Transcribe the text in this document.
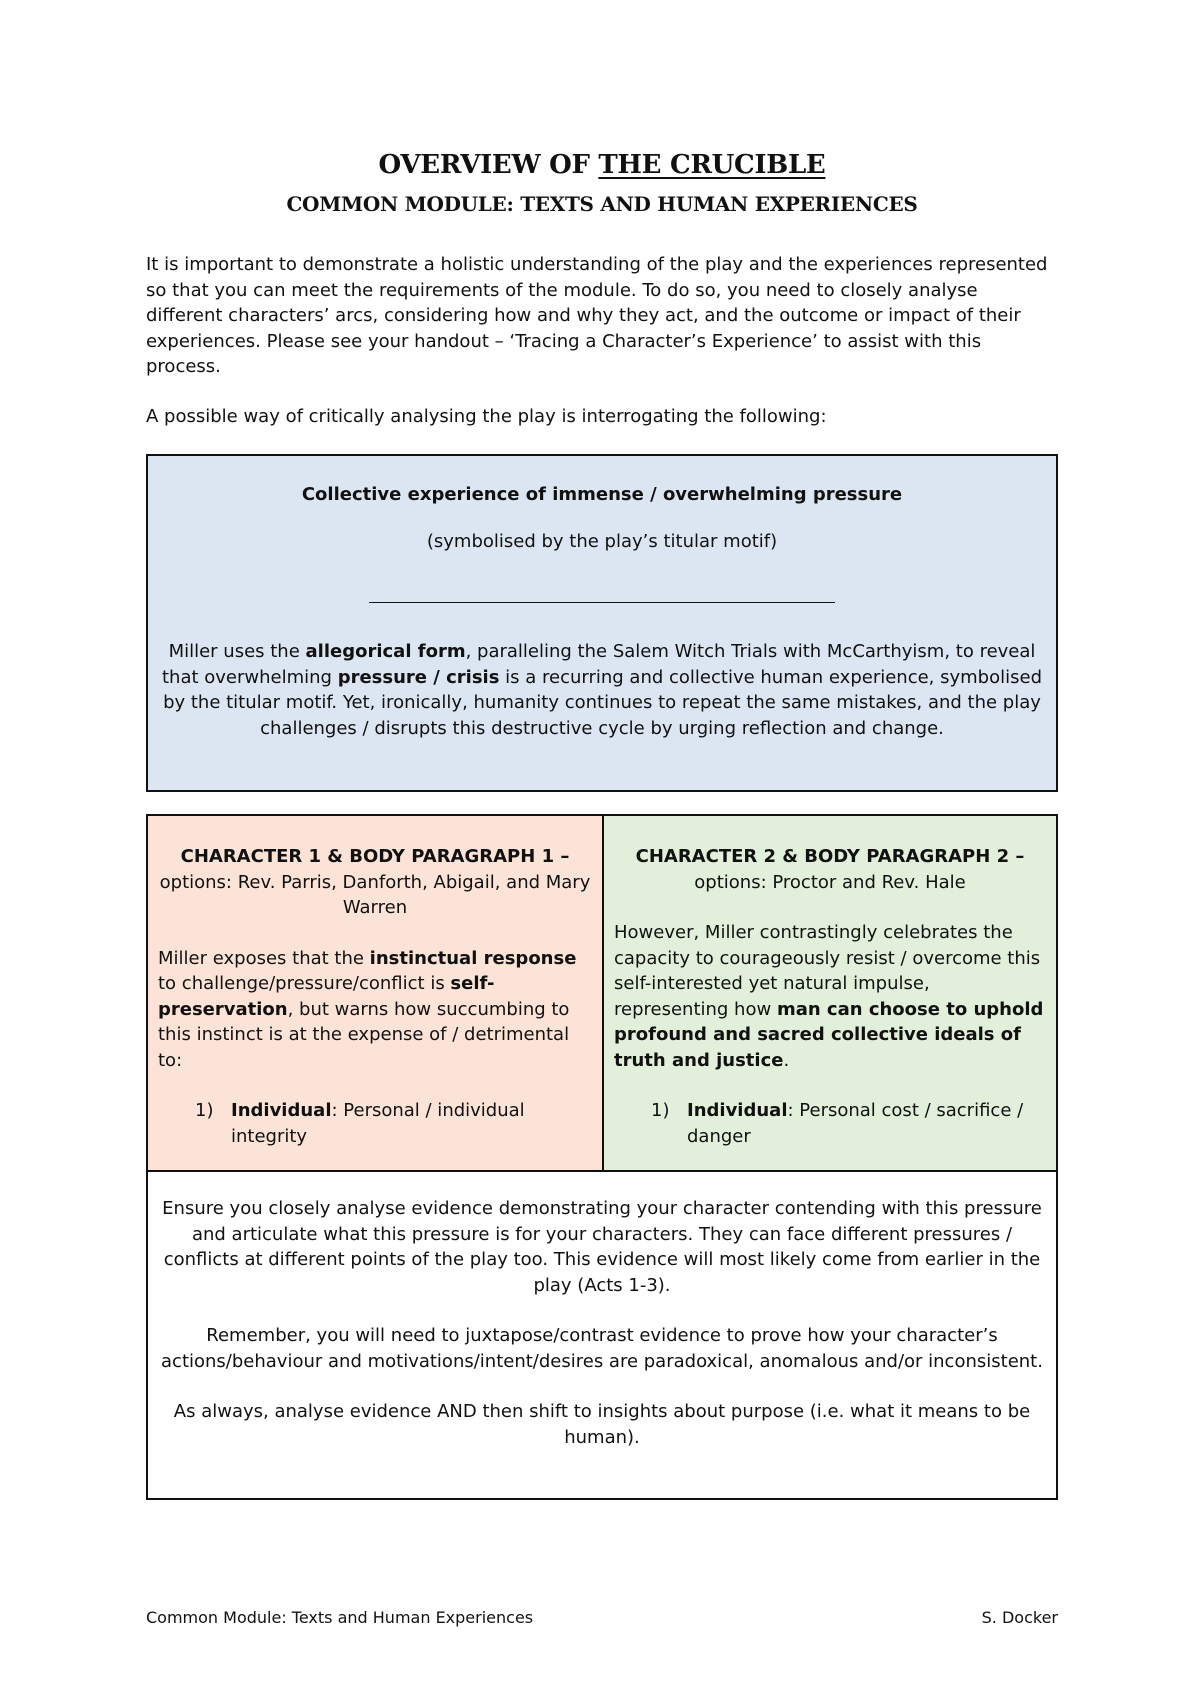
OVERVIEW OF THE CRUCIBLE
COMMON MODULE: TEXTS AND HUMAN EXPERIENCES

It is important to demonstrate a holistic understanding of the play and the experiences represented so that you can meet the requirements of the module. To do so, you need to closely analyse different characters’ arcs, considering how and why they act, and the outcome or impact of their experiences. Please see your handout – ‘Tracing a Character’s Experience’ to assist with this process.

A possible way of critically analysing the play is interrogating the following:

Collective experience of immense / overwhelming pressure
(symbolised by the play’s titular motif)
Miller uses the allegorical form, paralleling the Salem Witch Trials with McCarthyism, to reveal that overwhelming pressure / crisis is a recurring and collective human experience, symbolised by the titular motif. Yet, ironically, humanity continues to repeat the same mistakes, and the play challenges / disrupts this destructive cycle by urging reflection and change.
CHARACTER 1 & BODY PARAGRAPH 1 –
options: Rev. Parris, Danforth, Abigail, and Mary Warren
Miller exposes that the instinctual response to challenge/pressure/conflict is self-preservation, but warns how succumbing to this instinct is at the expense of / detrimental to:
1) Individual: Personal / individual integrity
CHARACTER 2 & BODY PARAGRAPH 2 –
options: Proctor and Rev. Hale
However, Miller contrastingly celebrates the capacity to courageously resist / overcome this self-interested yet natural impulse, representing how man can choose to uphold profound and sacred collective ideals of truth and justice.
1) Individual: Personal cost / sacrifice / danger

Ensure you closely analyse evidence demonstrating your character contending with this pressure and articulate what this pressure is for your characters. They can face different pressures / conflicts at different points of the play too. This evidence will most likely come from earlier in the play (Acts 1-3).

Remember, you will need to juxtapose/contrast evidence to prove how your character’s actions/behaviour and motivations/intent/desires are paradoxical, anomalous and/or inconsistent.

As always, analyse evidence AND then shift to insights about purpose (i.e. what it means to be human).

Common Module: Texts and Human Experiences	S. Docker
